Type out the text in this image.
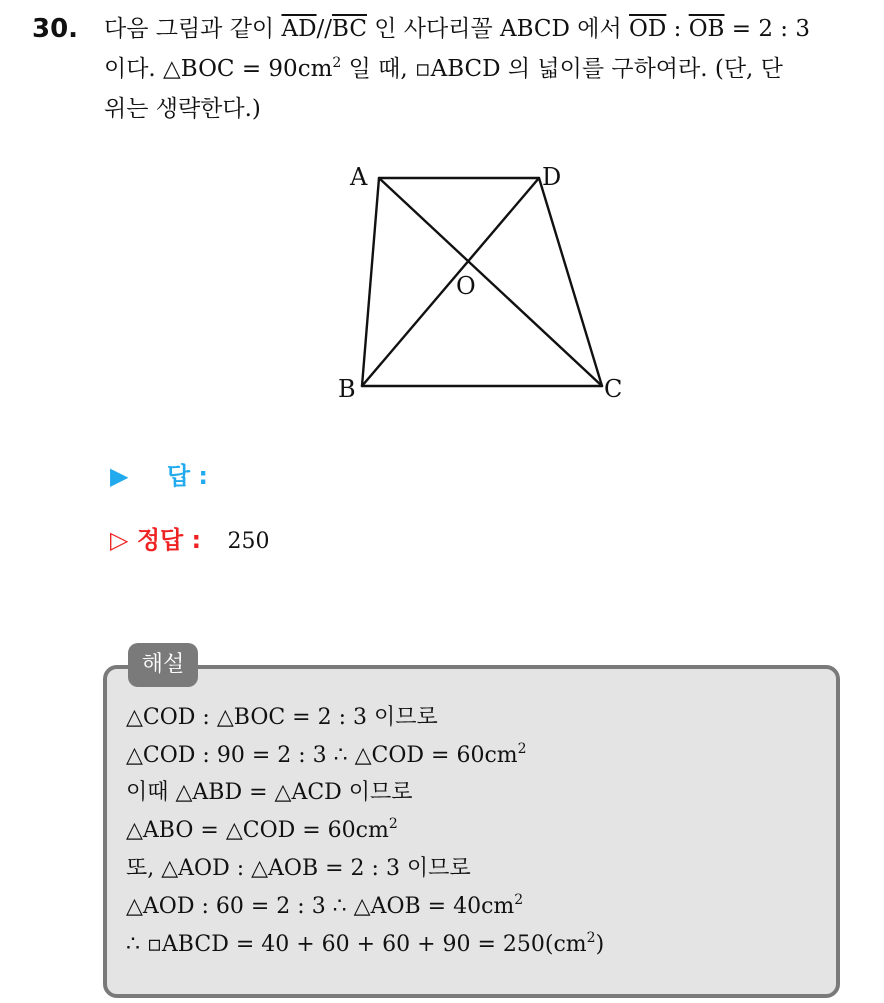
30. 다음 그림과 같이 $\overline{AD}//\overline{BC}$ 인 사다리꼴 ABCD 에서 $\overline{OD}$ : $\overline{OB} = 2$ : 3
이다. △BOC = $90cm^2$ 일 때, ▫ABCD 의 넓이를 구하여라. (단, 단
위는 생략한다.)
A	D
O
B	C
▶ 답 :
▷ 정답 : 250
해설
△COD : △BOC = 2 : 3 이므로
△COD : 90 = 2 : 3 ∴ △COD = $60cm^2$
이때 △ABD = △ACD 이므로
△ABO = △COD = $60cm^2$
또, △AOD : △AOB = 2 : 3 이므로
△AOD : 60 = 2 : 3 ∴ △AOB = $40cm^2$
∴ ▫ABCD = $40 + 60 + 60 + 90 = 250(cm^2)$
